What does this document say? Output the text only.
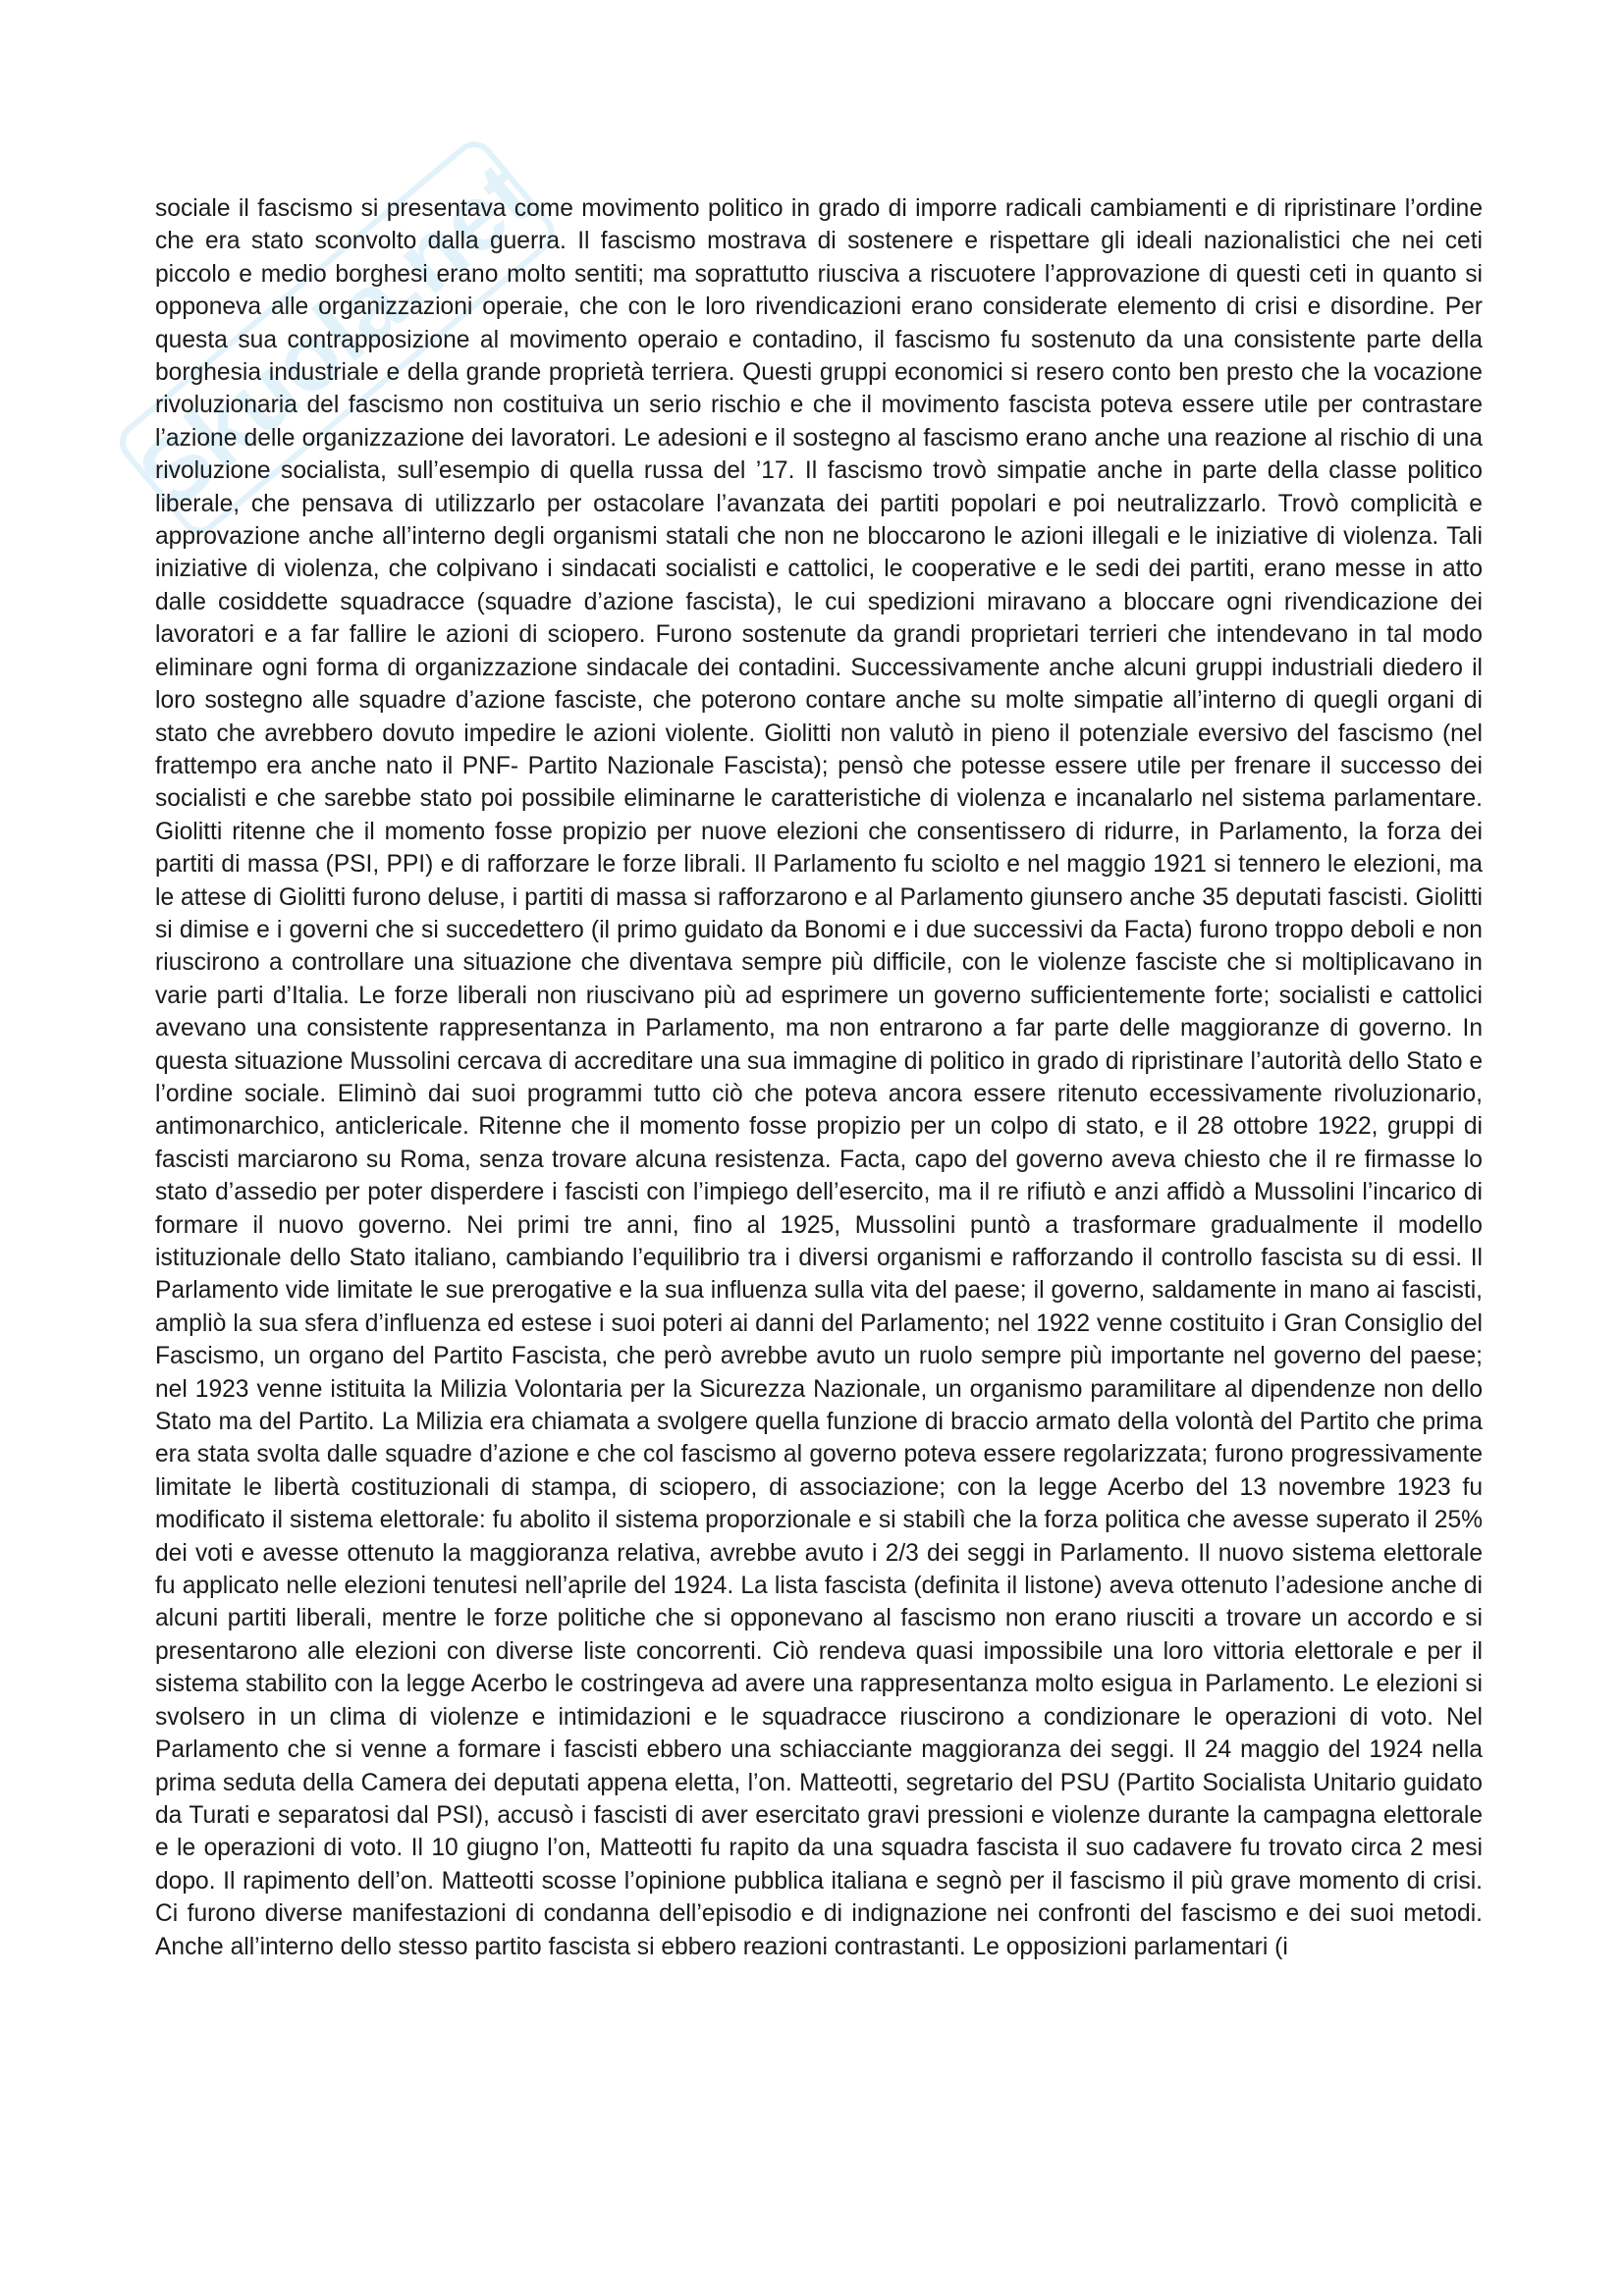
Skuola.net

sociale il fascismo si presentava come movimento politico in grado di imporre radicali cambiamenti e di ripristinare l’ordine che era stato sconvolto dalla guerra. Il fascismo mostrava di sostenere e rispettare gli ideali nazionalistici che nei ceti piccolo e medio borghesi erano molto sentiti; ma soprattutto riusciva a riscuotere l’approvazione di questi ceti in quanto si opponeva alle organizzazioni operaie, che con le loro rivendicazioni erano considerate elemento di crisi e disordine. Per questa sua contrapposizione al movimento operaio e contadino, il fascismo fu sostenuto da una consistente parte della borghesia industriale e della grande proprietà terriera. Questi gruppi economici si resero conto ben presto che la vocazione rivoluzionaria del fascismo non costituiva un serio rischio e che il movimento fascista poteva essere utile per contrastare l’azione delle organizzazione dei lavoratori. Le adesioni e il sostegno al fascismo erano anche una reazione al rischio di una rivoluzione socialista, sull’esempio di quella russa del ’17. Il fascismo trovò simpatie anche in parte della classe politico liberale, che pensava di utilizzarlo per ostacolare l’avanzata dei partiti popolari e poi neutralizzarlo. Trovò complicità e approvazione anche all’interno degli organismi statali che non ne bloccarono le azioni illegali e le iniziative di violenza. Tali iniziative di violenza, che colpivano i sindacati socialisti e cattolici, le cooperative e le sedi dei partiti, erano messe in atto dalle cosiddette squadracce (squadre d’azione fascista), le cui spedizioni miravano a bloccare ogni rivendicazione dei lavoratori e a far fallire le azioni di sciopero. Furono sostenute da grandi proprietari terrieri che intendevano in tal modo eliminare ogni forma di organizzazione sindacale dei contadini. Successivamente anche alcuni gruppi industriali diedero il loro sostegno alle squadre d’azione fasciste, che poterono contare anche su molte simpatie all’interno di quegli organi di stato che avrebbero dovuto impedire le azioni violente. Giolitti non valutò in pieno il potenziale eversivo del fascismo (nel frattempo era anche nato il PNF- Partito Nazionale Fascista); pensò che potesse essere utile per frenare il successo dei socialisti e che sarebbe stato poi possibile eliminarne le caratteristiche di violenza e incanalarlo nel sistema parlamentare. Giolitti ritenne che il momento fosse propizio per nuove elezioni che consentissero di ridurre, in Parlamento, la forza dei partiti di massa (PSI, PPI) e di rafforzare le forze librali. Il Parlamento fu sciolto e nel maggio 1921 si tennero le elezioni, ma le attese di Giolitti furono deluse, i partiti di massa si rafforzarono e al Parlamento giunsero anche 35 deputati fascisti. Giolitti si dimise e i governi che si succedettero (il primo guidato da Bonomi e i due successivi da Facta) furono troppo deboli e non riuscirono a controllare una situazione che diventava sempre più difficile, con le violenze fasciste che si moltiplicavano in varie parti d’Italia. Le forze liberali non riuscivano più ad esprimere un governo sufficientemente forte; socialisti e cattolici avevano una consistente rappresentanza in Parlamento, ma non entrarono a far parte delle maggioranze di governo. In questa situazione Mussolini cercava di accreditare una sua immagine di politico in grado di ripristinare l’autorità dello Stato e l’ordine sociale. Eliminò dai suoi programmi tutto ciò che poteva ancora essere ritenuto eccessivamente rivoluzionario, antimonarchico, anticlericale. Ritenne che il momento fosse propizio per un colpo di stato, e il 28 ottobre 1922, gruppi di fascisti marciarono su Roma, senza trovare alcuna resistenza. Facta, capo del governo aveva chiesto che il re firmasse lo stato d’assedio per poter disperdere i fascisti con l’impiego dell’esercito, ma il re rifiutò e anzi affidò a Mussolini l’incarico di formare il nuovo governo. Nei primi tre anni, fino al 1925, Mussolini puntò a trasformare gradualmente il modello istituzionale dello Stato italiano, cambiando l’equilibrio tra i diversi organismi e rafforzando il controllo fascista su di essi. Il Parlamento vide limitate le sue prerogative e la sua influenza sulla vita del paese; il governo, saldamente in mano ai fascisti, ampliò la sua sfera d’influenza ed estese i suoi poteri ai danni del Parlamento; nel 1922 venne costituito i Gran Consiglio del Fascismo, un organo del Partito Fascista, che però avrebbe avuto un ruolo sempre più importante nel governo del paese; nel 1923 venne istituita la Milizia Volontaria per la Sicurezza Nazionale, un organismo paramilitare al dipendenze non dello Stato ma del Partito. La Milizia era chiamata a svolgere quella funzione di braccio armato della volontà del Partito che prima era stata svolta dalle squadre d’azione e che col fascismo al governo poteva essere regolarizzata; furono progressivamente limitate le libertà costituzionali di stampa, di sciopero, di associazione; con la legge Acerbo del 13 novembre 1923 fu modificato il sistema elettorale: fu abolito il sistema proporzionale e si stabilì che la forza politica che avesse superato il 25% dei voti e avesse ottenuto la maggioranza relativa, avrebbe avuto i 2/3 dei seggi in Parlamento. Il nuovo sistema elettorale fu applicato nelle elezioni tenutesi nell’aprile del 1924. La lista fascista (definita il listone) aveva ottenuto l’adesione anche di alcuni partiti liberali, mentre le forze politiche che si opponevano al fascismo non erano riusciti a trovare un accordo e si presentarono alle elezioni con diverse liste concorrenti. Ciò rendeva quasi impossibile una loro vittoria elettorale e per il sistema stabilito con la legge Acerbo le costringeva ad avere una rappresentanza molto esigua in Parlamento. Le elezioni si svolsero in un clima di violenze e intimidazioni e le squadracce riuscirono a condizionare le operazioni di voto. Nel Parlamento che si venne a formare i fascisti ebbero una schiacciante maggioranza dei seggi. Il 24 maggio del 1924 nella prima seduta della Camera dei deputati appena eletta, l’on. Matteotti, segretario del PSU (Partito Socialista Unitario guidato da Turati e separatosi dal PSI), accusò i fascisti di aver esercitato gravi pressioni e violenze durante la campagna elettorale e le operazioni di voto. Il 10 giugno l’on, Matteotti fu rapito da una squadra fascista il suo cadavere fu trovato circa 2 mesi dopo. Il rapimento dell’on. Matteotti scosse l’opinione pubblica italiana e segnò per il fascismo il più grave momento di crisi. Ci furono diverse manifestazioni di condanna dell’episodio e di indignazione nei confronti del fascismo e dei suoi metodi. Anche all’interno dello stesso partito fascista si ebbero reazioni contrastanti. Le opposizioni parlamentari (i
